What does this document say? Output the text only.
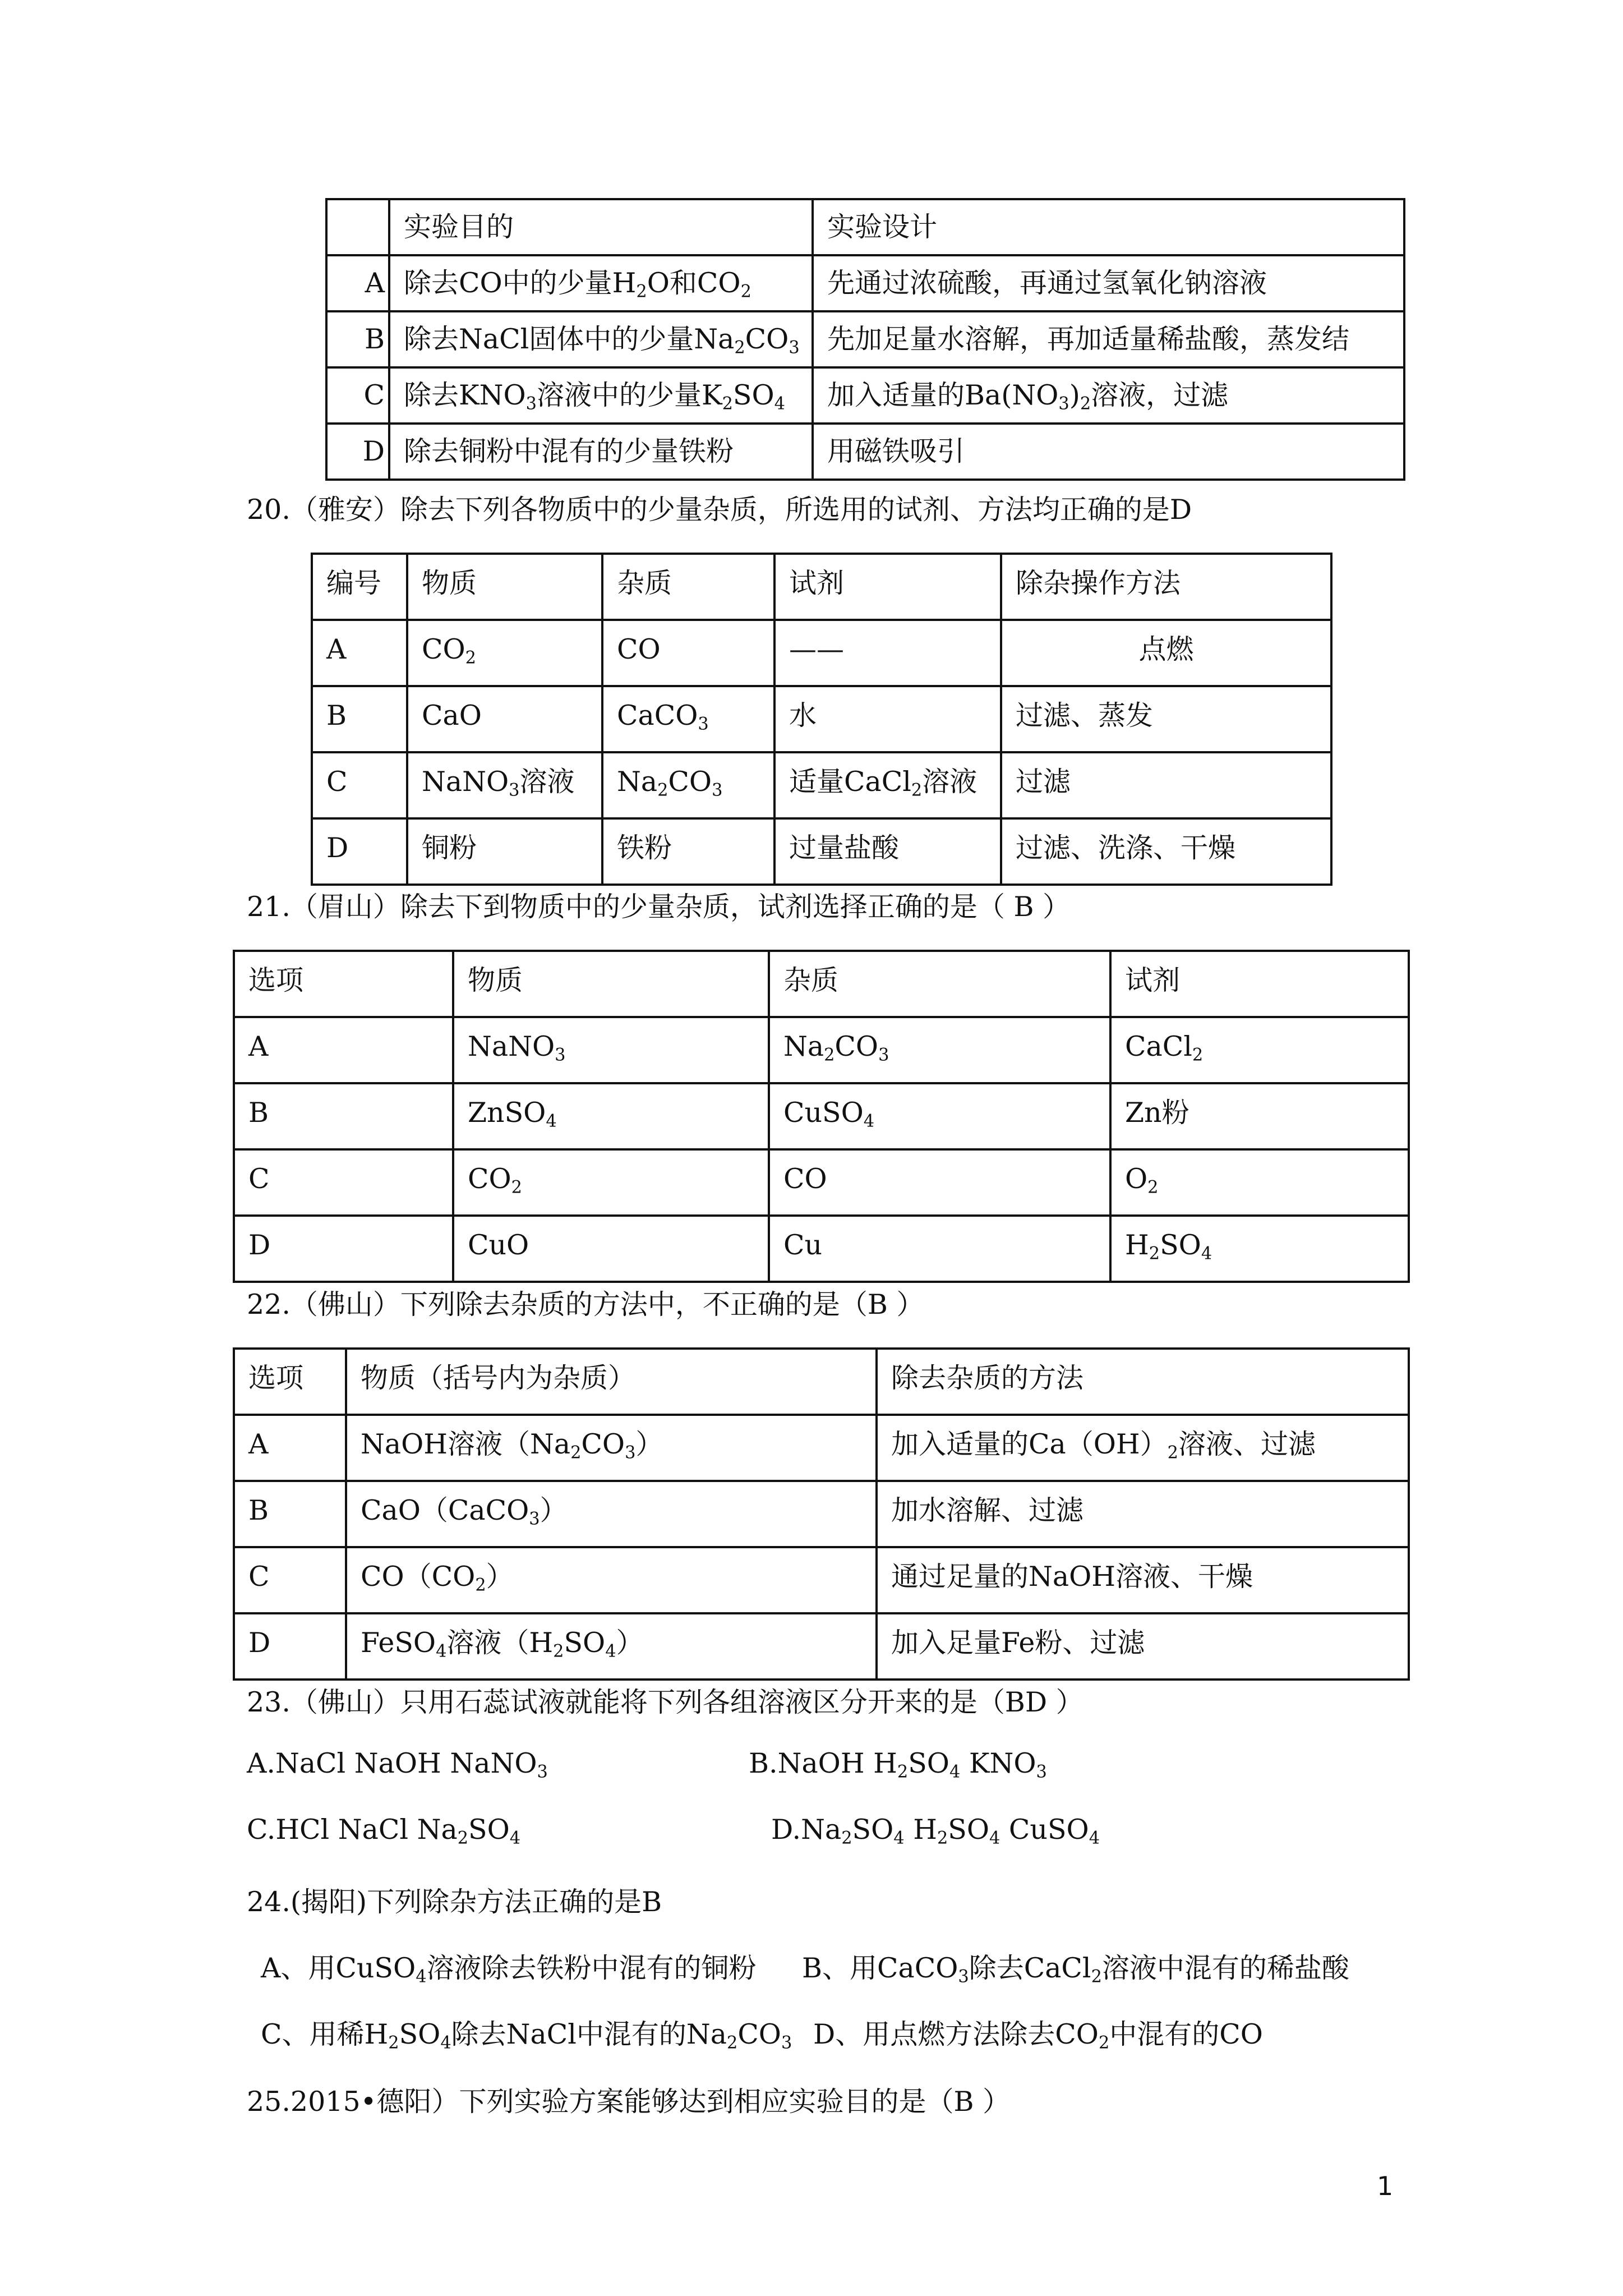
	实验目的	实验设计
A	除去CO中的少量$H_2O$和$CO_2$	先通过浓硫酸，再通过氢氧化钠溶液
B	除去NaCl固体中的少量$Na_2CO_3$	先加足量水溶解，再加适量稀盐酸，蒸发结
C	除去$KNO_3$溶液中的少量$K_2SO_4$	加入适量的$Ba(NO_3)_2$溶液，过滤
D	除去铜粉中混有的少量铁粉	用磁铁吸引
20.（雅安）除去下列各物质中的少量杂质，所选用的试剂、方法均正确的是D
编号	物质	杂质	试剂	除杂操作方法
A	$CO_2$	CO	——	点燃
B	CaO	CaCO$_3$	水	过滤、蒸发
C	NaNO$_3$溶液	$Na_2CO_3$	适量CaCl$_2$溶液	过滤
D	铜粉	铁粉	过量盐酸	过滤、洗涤、干燥
21.（眉山）除去下到物质中的少量杂质，试剂选择正确的是（ B ）
选项	物质	杂质	试剂
A	NaNO$_3$	$Na_2CO_3$	CaCl$_2$
B	ZnSO$_4$	CuSO$_4$	Zn粉
C	$CO_2$	CO	$O_2$
D	CuO	Cu	$H_2SO_4$
22.（佛山）下列除去杂质的方法中，不正确的是（B ）
选项	物质（括号内为杂质）	除去杂质的方法
A	NaOH溶液$(Na_2CO_3)$	加入适量的$Ca(OH)_2$溶液、过滤
B	CaO（CaCO$_3$）	加水溶解、过滤
C	$CO(CO_2)$	通过足量的NaOH溶液、干燥
D	FeSO$_4$溶液$(H_2SO_4)$	加入足量Fe粉、过滤
23.（佛山）只用石蕊试液就能将下列各组溶液区分开来的是（BD ）
A.NaCl NaOH NaNO$_3$	B.NaOH $H_2SO_4$ $KNO_3$
C.HCl NaCl $Na_2SO_4$	$D.Na_2SO_4$ $H_2SO_4$ CuSO$_4$
24.(揭阳)下列除杂方法正确的是B
A、用CuSO$_4$溶液除去铁粉中混有的铜粉 B、用CaCO$_3$除去CaCl$_2$溶液中混有的稀盐酸
C、用稀$H_2SO_4$除去NaCl中混有的$Na_2CO_3$ D、用点燃方法除去$CO_2$中混有的CO
25.2015•德阳）下列实验方案能够达到相应实验目的是（B ）
1
